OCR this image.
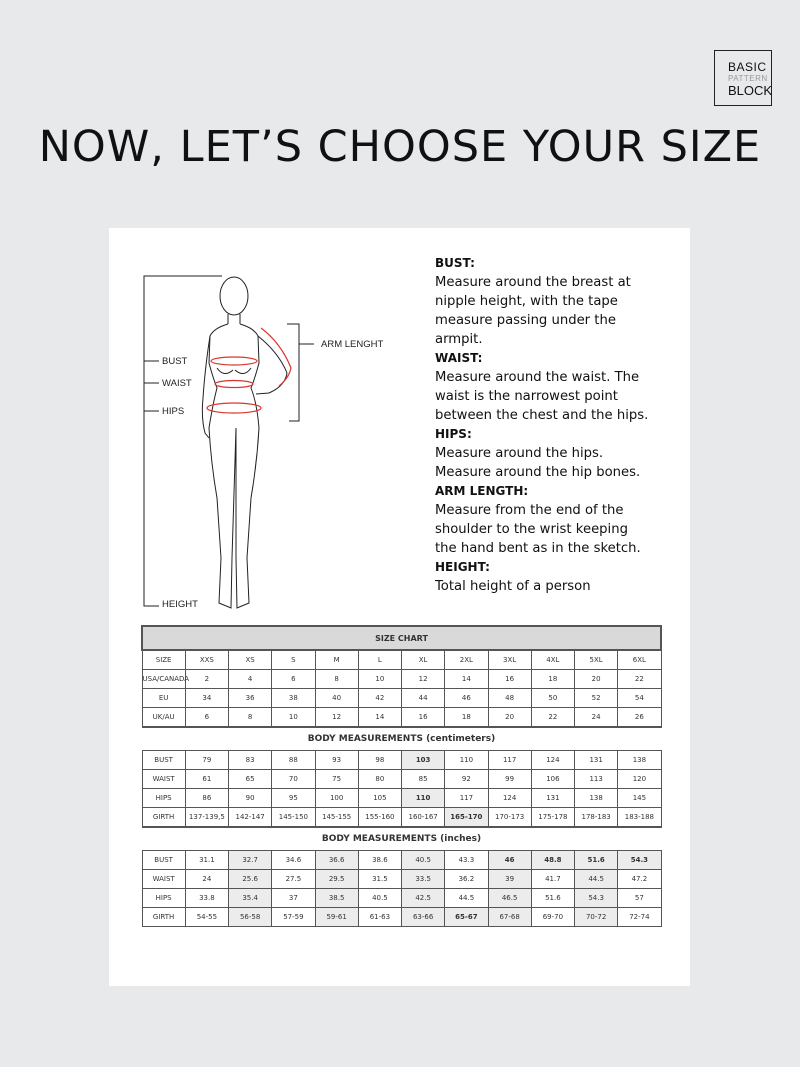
BASIC
PATTERN
BLOCK
NOW, LET’S CHOOSE YOUR SIZE
BUST
WAIST
HIPS
HEIGHT
ARM LENGHT
BUST:
Measure around the breast at nipple height, with the tape measure passing under the armpit.
WAIST:
Measure around the waist. The waist is the narrowest point between the chest and the hips.
HIPS:
Measure around the hips. Measure around the hip bones.
ARM LENGTH:
Measure from the end of the shoulder to the wrist keeping the hand bent as in the sketch.
HEIGHT:
Total height of a person
SIZE CHART											
SIZE	XXS	XS	S	M	L	XL	2XL	3XL	4XL	5XL	6XL
USA/CANADA	2	4	6	8	10	12	14	16	18	20	22
EU	34	36	38	40	42	44	46	48	50	52	54
UK/AU	6	8	10	12	14	16	18	20	22	24	26
BODY MEASUREMENTS (centimeters)											
BUST	79	83	88	93	98	103	110	117	124	131	138
WAIST	61	65	70	75	80	85	92	99	106	113	120
HIPS	86	90	95	100	105	110	117	124	131	138	145
GIRTH	137-139,5	142-147	145-150	145-155	155-160	160-167	165-170	170-173	175-178	178-183	183-188
BODY MEASUREMENTS (inches)											
BUST	31.1	32.7	34.6	36.6	38.6	40.5	43.3	46	48.8	51.6	54.3
WAIST	24	25.6	27.5	29.5	31.5	33.5	36.2	39	41.7	44.5	47.2
HIPS	33.8	35.4	37	38.5	40.5	42.5	44.5	46.5	51.6	54.3	57
GIRTH	54-55	56-58	57-59	59-61	61-63	63-66	65-67	67-68	69-70	70-72	72-74
